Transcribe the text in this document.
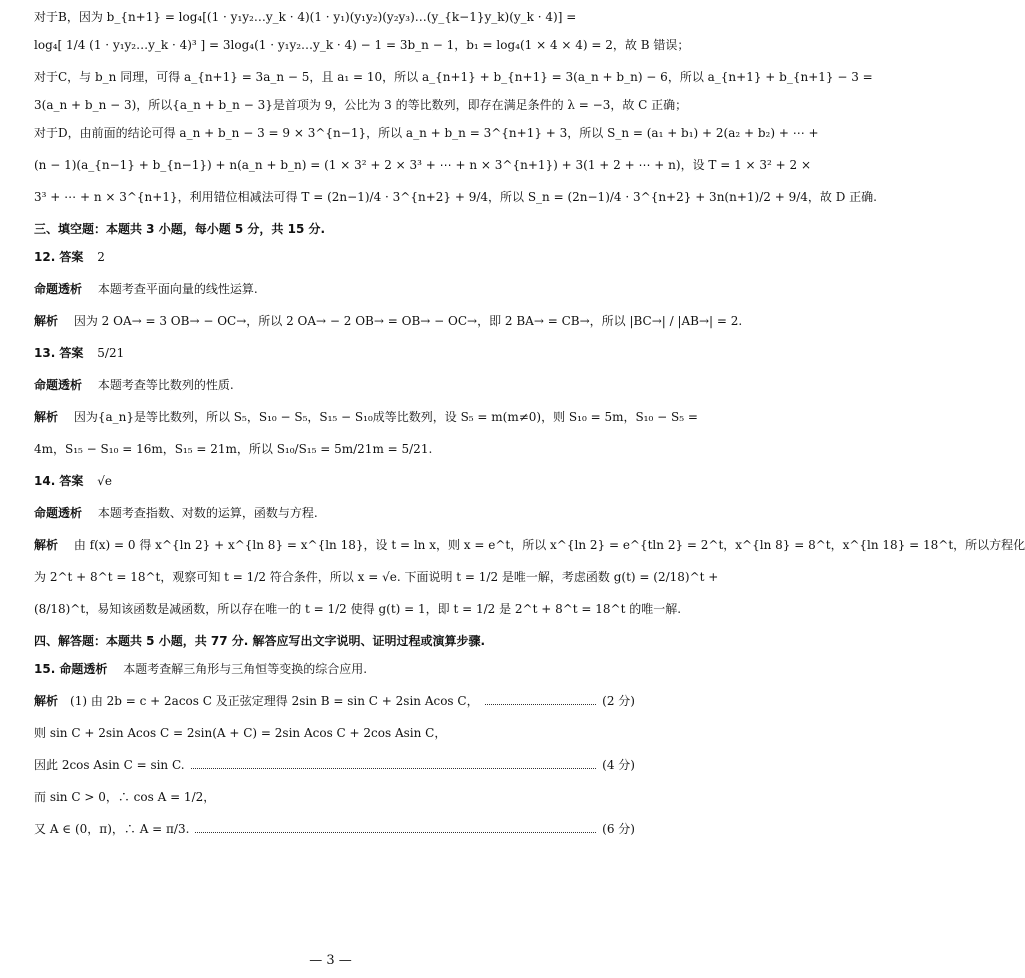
对于B，因为 b_{n+1} = log₄[(1 · y₁y₂…y_k · 4)(1 · y₁)(y₁y₂)(y₂y₃)…(y_{k−1}y_k)(y_k · 4)] =
log₄[ 1/4 (1 · y₁y₂…y_k · 4)³ ] = 3log₄(1 · y₁y₂…y_k · 4) − 1 = 3b_n − 1，b₁ = log₄(1 × 4 × 4) = 2，故 B 错误；
对于C，与 b_n 同理，可得 a_{n+1} = 3a_n − 5，且 a₁ = 10，所以 a_{n+1} + b_{n+1} = 3(a_n + b_n) − 6，所以 a_{n+1} + b_{n+1} − 3 =
3(a_n + b_n − 3)，所以{a_n + b_n − 3}是首项为 9，公比为 3 的等比数列，即存在满足条件的 λ = −3，故 C 正确；
对于D，由前面的结论可得 a_n + b_n − 3 = 9 × 3^{n−1}，所以 a_n + b_n = 3^{n+1} + 3，所以 S_n = (a₁ + b₁) + 2(a₂ + b₂) + ⋯ +
(n − 1)(a_{n−1} + b_{n−1}) + n(a_n + b_n) = (1 × 3² + 2 × 3³ + ⋯ + n × 3^{n+1}) + 3(1 + 2 + ⋯ + n)，设 T = 1 × 3² + 2 ×
3³ + ⋯ + n × 3^{n+1}，利用错位相减法可得 T = (2n−1)/4 · 3^{n+2} + 9/4，所以 S_n = (2n−1)/4 · 3^{n+2} + 3n(n+1)/2 + 9/4，故 D 正确.
三、填空题：本题共 3 小题，每小题 5 分，共 15 分.
12. 答案 2
命题透析 本题考查平面向量的线性运算.
解析 因为 2 OA→ = 3 OB→ − OC→，所以 2 OA→ − 2 OB→ = OB→ − OC→，即 2 BA→ = CB→，所以 |BC→| / |AB→| = 2.
13. 答案 5/21
命题透析 本题考查等比数列的性质.
解析 因为{a_n}是等比数列，所以 S₅，S₁₀ − S₅，S₁₅ − S₁₀成等比数列，设 S₅ = m(m≠0)，则 S₁₀ = 5m，S₁₀ − S₅ =
4m，S₁₅ − S₁₀ = 16m，S₁₅ = 21m，所以 S₁₀/S₁₅ = 5m/21m = 5/21.
14. 答案 √e
命题透析 本题考查指数、对数的运算，函数与方程.
解析 由 f(x) = 0 得 x^{ln 2} + x^{ln 8} = x^{ln 18}，设 t = ln x，则 x = e^t，所以 x^{ln 2} = e^{tln 2} = 2^t，x^{ln 8} = 8^t，x^{ln 18} = 18^t，所以方程化
为 2^t + 8^t = 18^t，观察可知 t = 1/2 符合条件，所以 x = √e. 下面说明 t = 1/2 是唯一解，考虑函数 g(t) = (2/18)^t +
(8/18)^t，易知该函数是减函数，所以存在唯一的 t = 1/2 使得 g(t) = 1，即 t = 1/2 是 2^t + 8^t = 18^t 的唯一解.
四、解答题：本题共 5 小题，共 77 分. 解答应写出文字说明、证明过程或演算步骤.
15. 命题透析 本题考查解三角形与三角恒等变换的综合应用.
解析 (1) 由 2b = c + 2acos C 及正弦定理得 2sin B = sin C + 2sin Acos C，	(2 分)
则 sin C + 2sin Acos C = 2sin(A + C) = 2sin Acos C + 2cos Asin C，
因此 2cos Asin C = sin C.	(4 分)
而 sin C > 0，∴ cos A = 1/2，
又 A ∈ (0，π)，∴ A = π/3.	(6 分)
— 3 —
